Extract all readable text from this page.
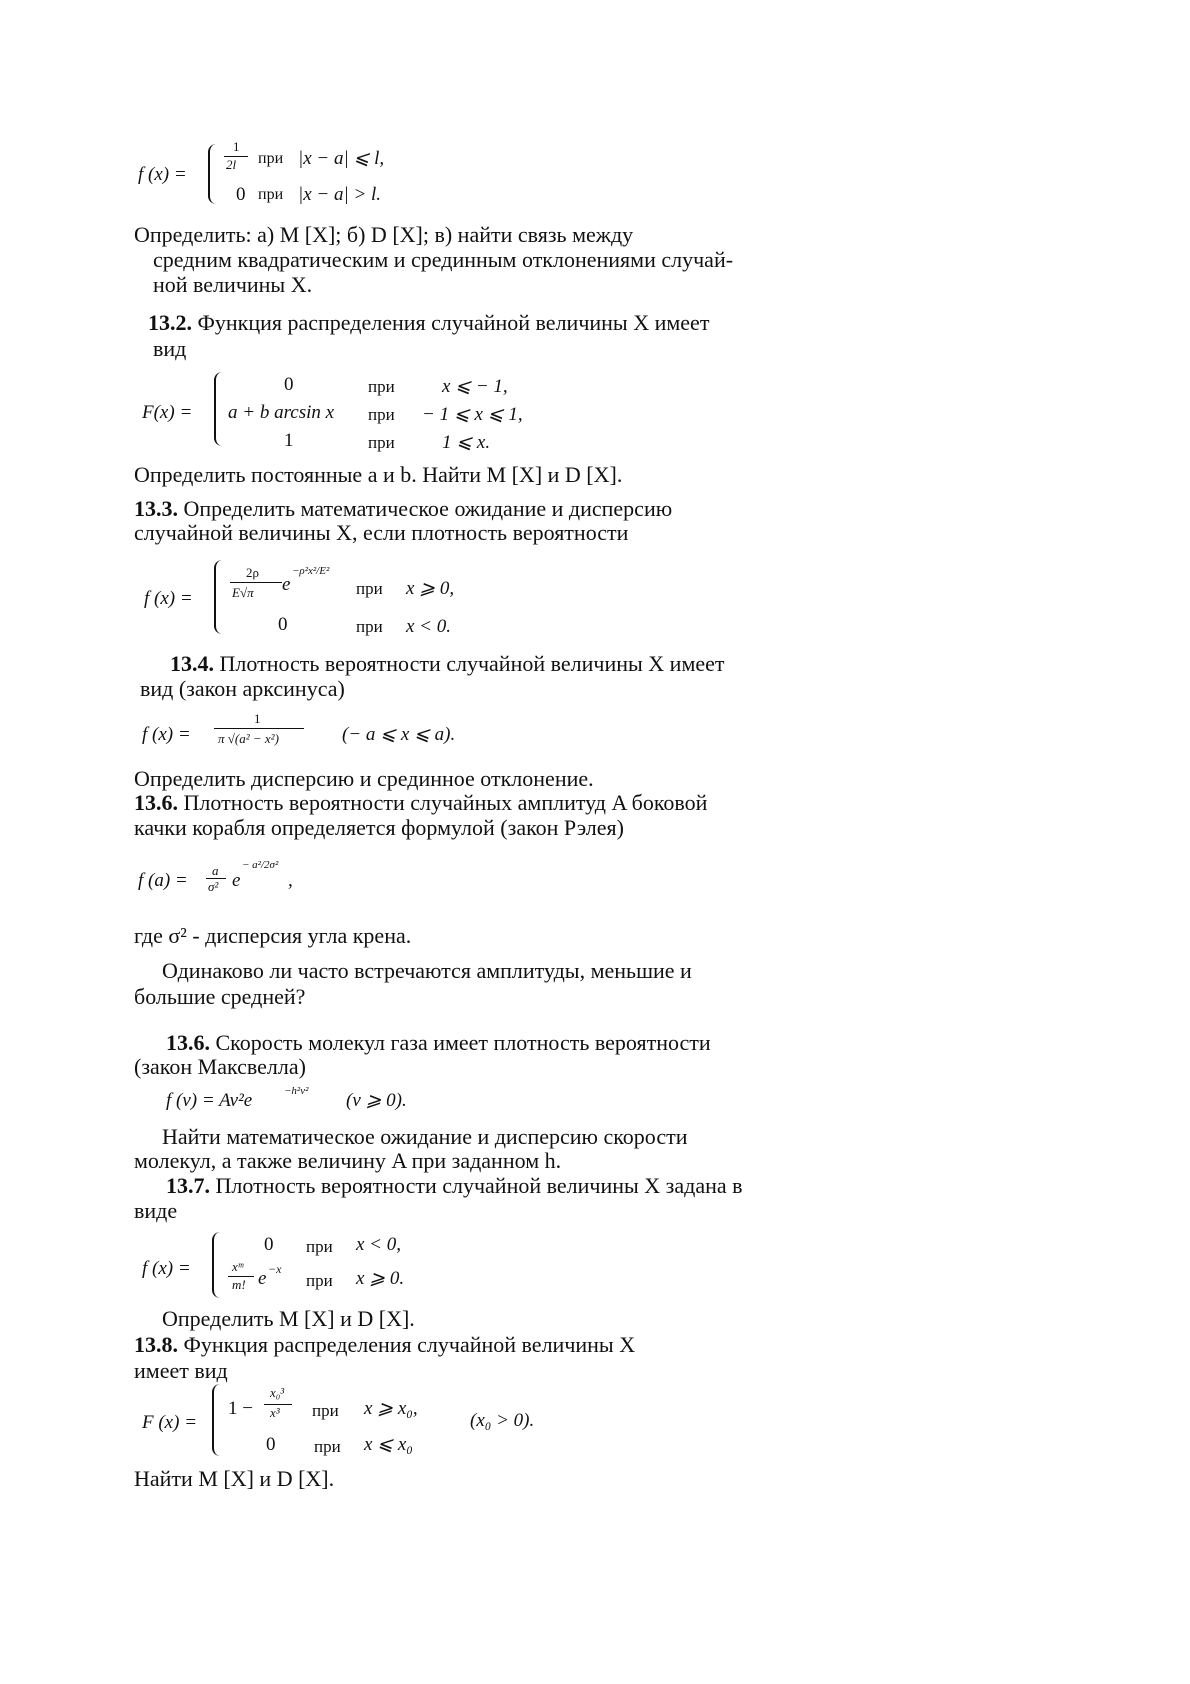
f (x) =
1
2l при |x − a| ⩽ l,
0 при |x − a| > l.
Определить: а) M [X]; б) D [X]; в) найти связь между
средним квадратическим и срединным отклонениями случай-
ной величины X.
13.2. Функция распределения случайной величины X имеет
вид
F(x) =
0	при x ⩽ − 1,
a + b arcsin x при − 1 ⩽ x ⩽ 1,
1	при 1 ⩽ x.
Определить постоянные a и b. Найти M [X] и D [X].
13.3. Определить математическое ожидание и дисперсию
случайной величины X, если плотность вероятности
f (x) =
2ρ
E√π e
−ρ²x²/E²
при x ⩾ 0,
0	при x < 0.
13.4. Плотность вероятности случайной величины X имеет
вид (закон арксинуса)
f (x) =
1
π √(a² − x²)	(− a ⩽ x ⩽ a).
Определить дисперсию и срединное отклонение.
13.6. Плотность вероятности случайных амплитуд A боковой
качки корабля определяется формулой (закон Рэлея)
f (a) = a
σ² e
− a²/2σ²
,
где σ² - дисперсия угла крена.
Одинаково ли часто встречаются амплитуды, меньшие и
большие средней?
13.6. Скорость молекул газа имеет плотность вероятности
(закон Максвелла)
f (v) = Av²e	−h²v² (v ⩾ 0).
Найти математическое ожидание и дисперсию скорости
молекул, а также величину A при заданном h.
13.7. Плотность вероятности случайной величины X задана в
виде
f (x) =
0 при x < 0,
xᵐ
m! e −x
при x ⩾ 0.
Определить M [X] и D [X].
13.8. Функция распределения случайной величины X
имеет вид
F (x) =
1 −
x₀³
x³ при x ⩾ x₀,
0 при x ⩽ x₀
(x₀ > 0).
Найти M [X] и D [X].
